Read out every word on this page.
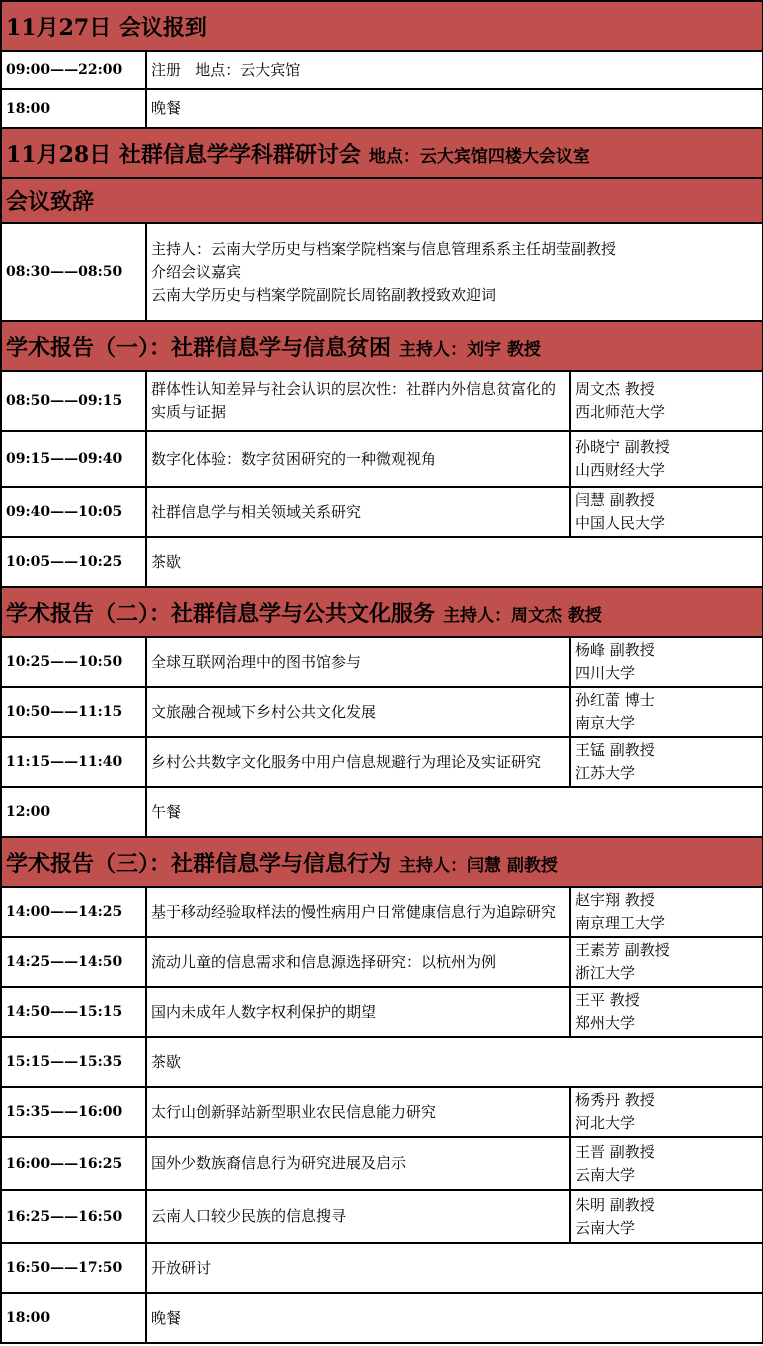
11月27日 会议报到		
09:00——22:00	注册   地点：云大宾馆	
18:00	晚餐	
11月28日 社群信息学学科群研讨会 地点：云大宾馆四楼大会议室		
会议致辞		
08:30——08:50	主持人：云南大学历史与档案学院档案与信息管理系系主任胡莹副教授
介绍会议嘉宾
云南大学历史与档案学院副院长周铭副教授致欢迎词	

学术报告（一）：社群信息学与信息贫困 主持人：刘宇 教授		
08:50——09:15	群体性认知差异与社会认识的层次性：社群内外信息贫富化的实质与证据	周文杰 教授
西北师范大学

09:15——09:40	数字化体验：数字贫困研究的一种微观视角	孙晓宁 副教授
山西财经大学

09:40——10:05	社群信息学与相关领域关系研究	闫慧 副教授
中国人民大学

10:05——10:25	茶歇	
学术报告（二）：社群信息学与公共文化服务 主持人：周文杰 教授		
10:25——10:50	全球互联网治理中的图书馆参与	杨峰 副教授
四川大学

10:50——11:15	文旅融合视域下乡村公共文化发展	孙红蕾 博士
南京大学

11:15——11:40	乡村公共数字文化服务中用户信息规避行为理论及实证研究	王锰 副教授
江苏大学

12:00	午餐	
学术报告（三）：社群信息学与信息行为 主持人：闫慧 副教授		
14:00——14:25	基于移动经验取样法的慢性病用户日常健康信息行为追踪研究	赵宇翔 教授
南京理工大学

14:25——14:50	流动儿童的信息需求和信息源选择研究：以杭州为例	王素芳 副教授
浙江大学

14:50——15:15	国内未成年人数字权利保护的期望	王平 教授
郑州大学

15:15——15:35	茶歇	
15:35——16:00	太行山创新驿站新型职业农民信息能力研究	杨秀丹 教授
河北大学

16:00——16:25	国外少数族裔信息行为研究进展及启示	王晋 副教授
云南大学

16:25——16:50	云南人口较少民族的信息搜寻	朱明 副教授
云南大学

16:50——17:50	开放研讨	
18:00	晚餐	
